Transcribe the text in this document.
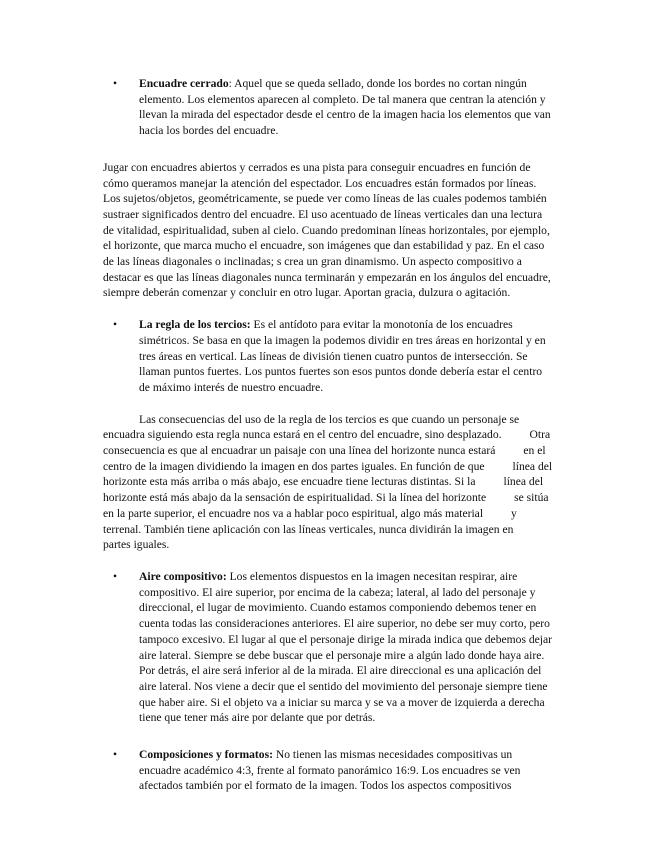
• Encuadre cerrado: Aquel que se queda sellado, donde los bordes no cortan ningún elemento. Los elementos aparecen al completo. De tal manera que centran la atención y llevan la mirada del espectador desde el centro de la imagen hacia los elementos que van hacia los bordes del encuadre.

Jugar con encuadres abiertos y cerrados es una pista para conseguir encuadres en función de cómo queramos manejar la atención del espectador. Los encuadres están formados por líneas. Los sujetos/objetos, geométricamente, se puede ver como líneas de las cuales podemos también sustraer significados dentro del encuadre. El uso acentuado de líneas verticales dan una lectura de vitalidad, espiritualidad, suben al cielo. Cuando predominan líneas horizontales, por ejemplo, el horizonte, que marca mucho el encuadre, son imágenes que dan estabilidad y paz. En el caso de las líneas diagonales o inclinadas; s crea un gran dinamismo. Un aspecto compositivo a destacar es que las líneas diagonales nunca terminarán y empezarán en los ángulos del encuadre, siempre deberán comenzar y concluir en otro lugar. Aportan gracia, dulzura o agitación.

• La regla de los tercios: Es el antídoto para evitar la monotonía de los encuadres simétricos. Se basa en que la imagen la podemos dividir en tres áreas en horizontal y en tres áreas en vertical. Las líneas de división tienen cuatro puntos de intersección. Se llaman puntos fuertes. Los puntos fuertes son esos puntos donde debería estar el centro de máximo interés de nuestro encuadre.

Las consecuencias del uso de la regla de los tercios es que cuando un personaje se encuadra siguiendo esta regla nunca estará en el centro del encuadre, sino desplazado. Otra consecuencia es que al encuadrar un paisaje con una línea del horizonte nunca estará en el centro de la imagen dividiendo la imagen en dos partes iguales. En función de que línea del horizonte esta más arriba o más abajo, ese encuadre tiene lecturas distintas. Si la línea del horizonte está más abajo da la sensación de espiritualidad. Si la línea del horizonte se sitúa en la parte superior, el encuadre nos va a hablar poco espiritual, algo más material y terrenal. También tiene aplicación con las líneas verticales, nunca dividirán la imagen enpartes iguales.

• Aire compositivo: Los elementos dispuestos en la imagen necesitan respirar, aire compositivo. El aire superior, por encima de la cabeza; lateral, al lado del personaje y direccional, el lugar de movimiento. Cuando estamos componiendo debemos tener en cuenta todas las consideraciones anteriores. El aire superior, no debe ser muy corto, pero tampoco excesivo. El lugar al que el personaje dirige la mirada indica que debemos dejar aire lateral. Siempre se debe buscar que el personaje mire a algún lado donde haya aire. Por detrás, el aire será inferior al de la mirada. El aire direccional es una aplicación del aire lateral. Nos viene a decir que el sentido del movimiento del personaje siempre tiene que haber aire. Si el objeto va a iniciar su marca y se va a mover de izquierda a derecha tiene que tener más aire por delante que por detrás.

• Composiciones y formatos: No tienen las mismas necesidades compositivas un encuadre académico 4:3, frente al formato panorámico 16:9. Los encuadres se ven afectados también por el formato de la imagen. Todos los aspectos compositivos
